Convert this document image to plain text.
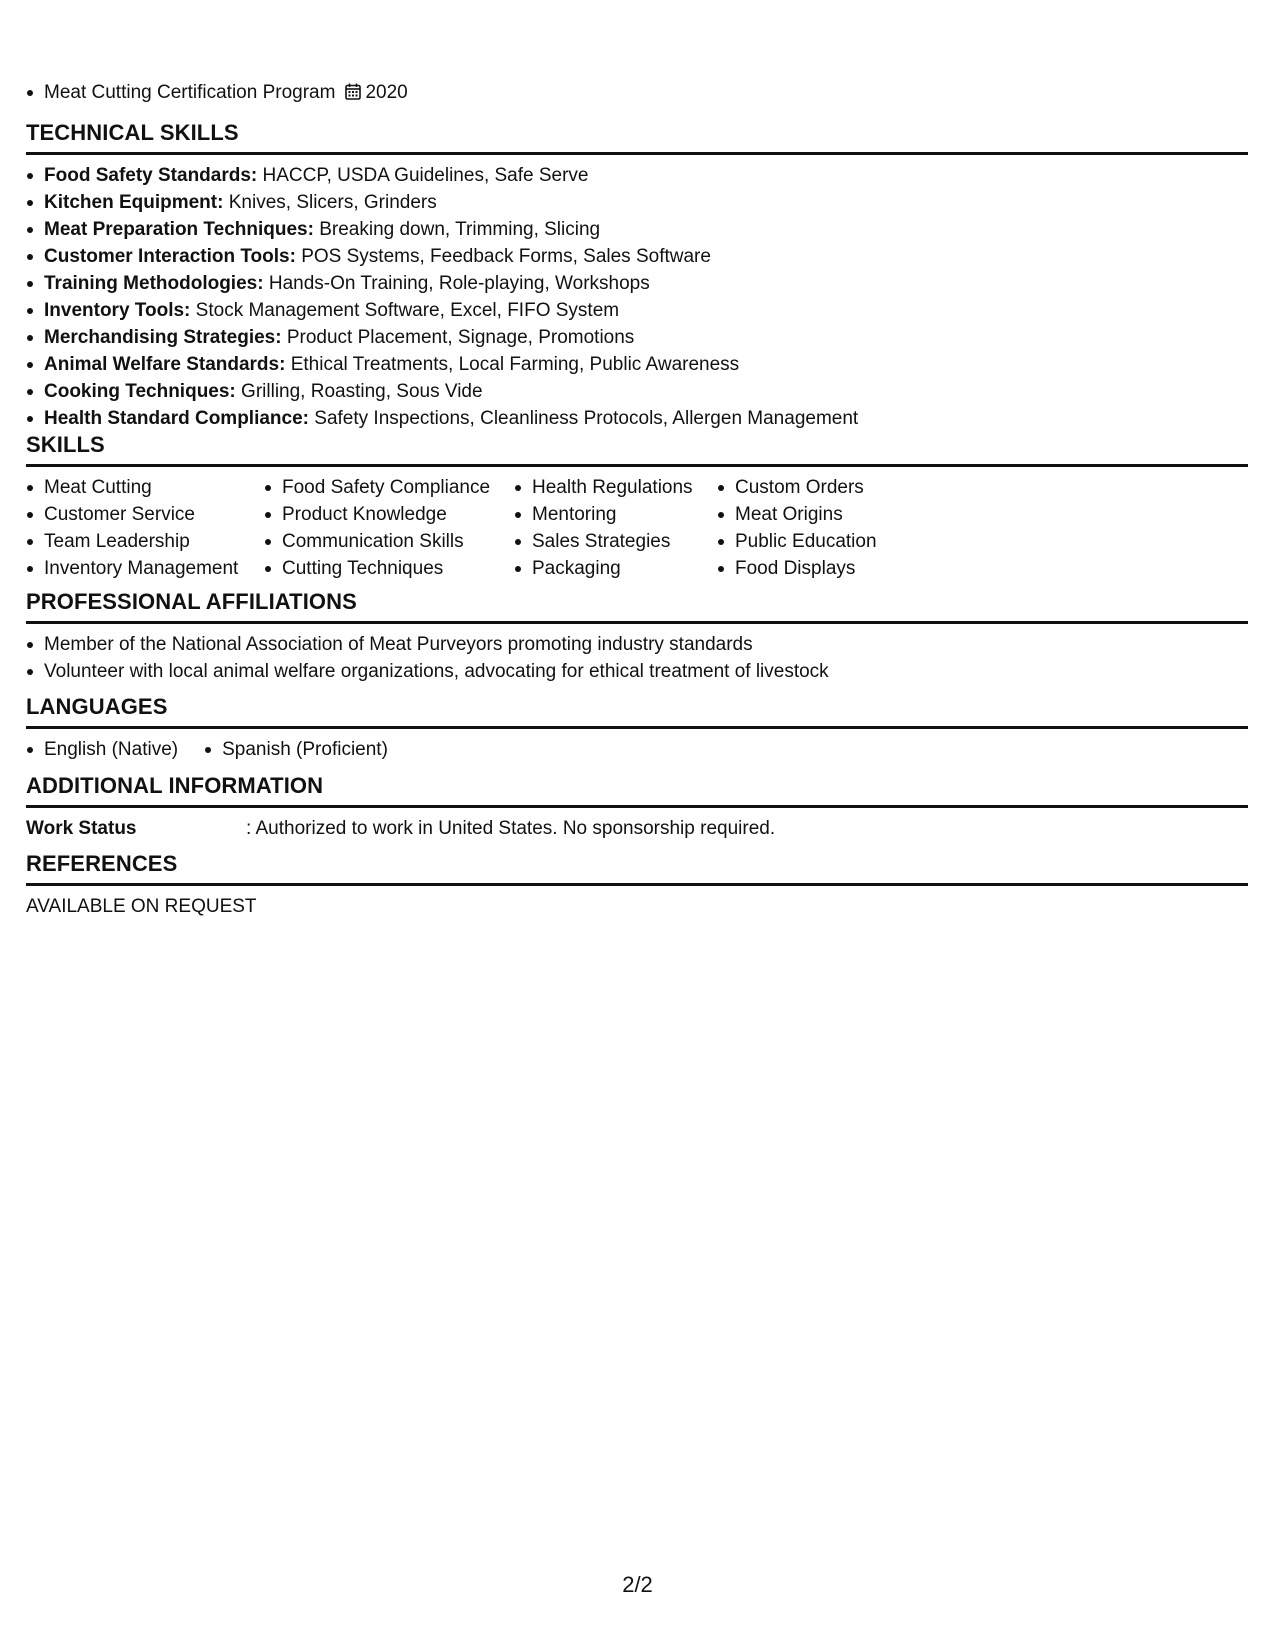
Meat Cutting Certification Program 2020
TECHNICAL SKILLS
Food Safety Standards: HACCP, USDA Guidelines, Safe Serve
Kitchen Equipment: Knives, Slicers, Grinders
Meat Preparation Techniques: Breaking down, Trimming, Slicing
Customer Interaction Tools: POS Systems, Feedback Forms, Sales Software
Training Methodologies: Hands-On Training, Role-playing, Workshops
Inventory Tools: Stock Management Software, Excel, FIFO System
Merchandising Strategies: Product Placement, Signage, Promotions
Animal Welfare Standards: Ethical Treatments, Local Farming, Public Awareness
Cooking Techniques: Grilling, Roasting, Sous Vide
Health Standard Compliance: Safety Inspections, Cleanliness Protocols, Allergen Management
SKILLS
Meat Cutting
Customer Service
Team Leadership
Inventory Management
Food Safety Compliance
Product Knowledge
Communication Skills
Cutting Techniques
Health Regulations
Mentoring
Sales Strategies
Packaging
Custom Orders
Meat Origins
Public Education
Food Displays
PROFESSIONAL AFFILIATIONS
Member of the National Association of Meat Purveyors promoting industry standards
Volunteer with local animal welfare organizations, advocating for ethical treatment of livestock
LANGUAGES
English (Native)	Spanish (Proficient)
ADDITIONAL INFORMATION
Work Status	: Authorized to work in United States. No sponsorship required.
REFERENCES
AVAILABLE ON REQUEST
2/2
